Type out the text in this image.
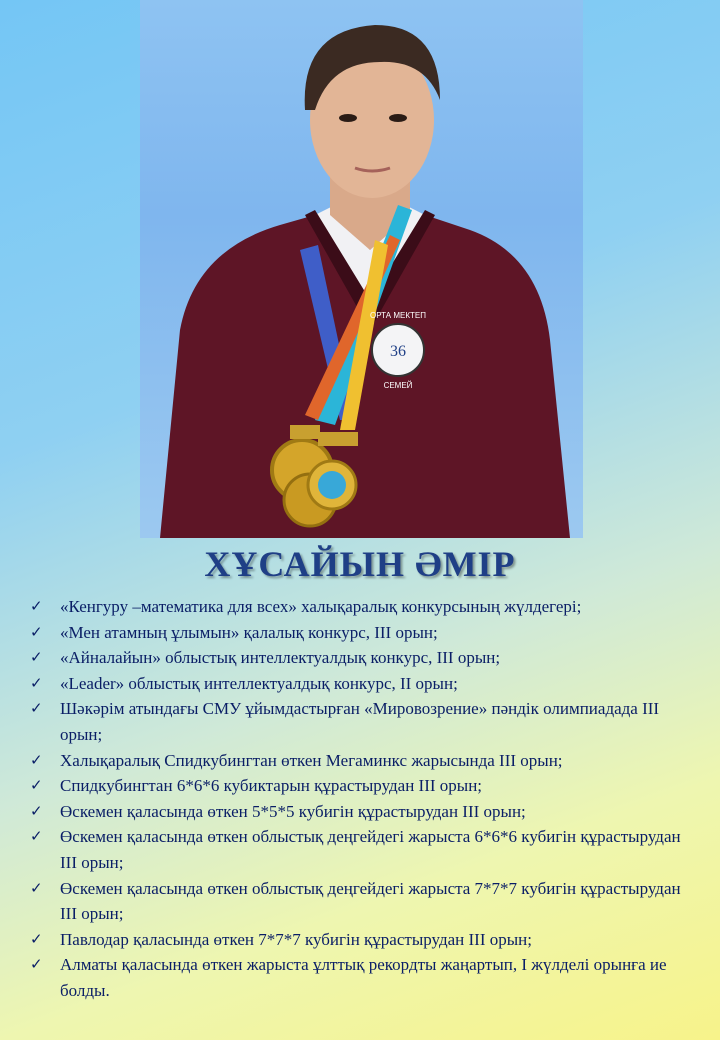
ОРТА МЕКТЕП
36
СЕМЕЙ
ХҰСАЙЫН ӘМІР
✓ «Кенгуру –математика для всех» халықаралық конкурсының жүлдегері;
✓ «Мен атамның ұлымын» қалалық конкурс, III орын;
✓ «Айналайын» облыстық интеллектуалдық конкурс, III орын;
✓ «Leader» облыстық интеллектуалдық конкурс, II орын;
✓ Шәкәрім атындағы СМУ ұйымдастырған «Мировозрение» пәндік олимпиадада III орын;
✓ Халықаралық Спидкубингтан өткен Мегаминкс жарысында III орын;
✓ Спидкубингтан 6*6*6 кубиктарын құрастырудан III орын;
✓ Өскемен қаласында өткен 5*5*5 кубигін құрастырудан III орын;
✓ Өскемен қаласында өткен облыстық деңгейдегі жарыста 6*6*6 кубигін құрастырудан III орын;
✓ Өскемен қаласында өткен облыстық деңгейдегі жарыста 7*7*7 кубигін құрастырудан III орын;
✓ Павлодар қаласында өткен 7*7*7 кубигін құрастырудан III орын;
✓ Алматы қаласында өткен жарыста ұлттық рекордты жаңартып, I жүлделі орынға ие болды.
